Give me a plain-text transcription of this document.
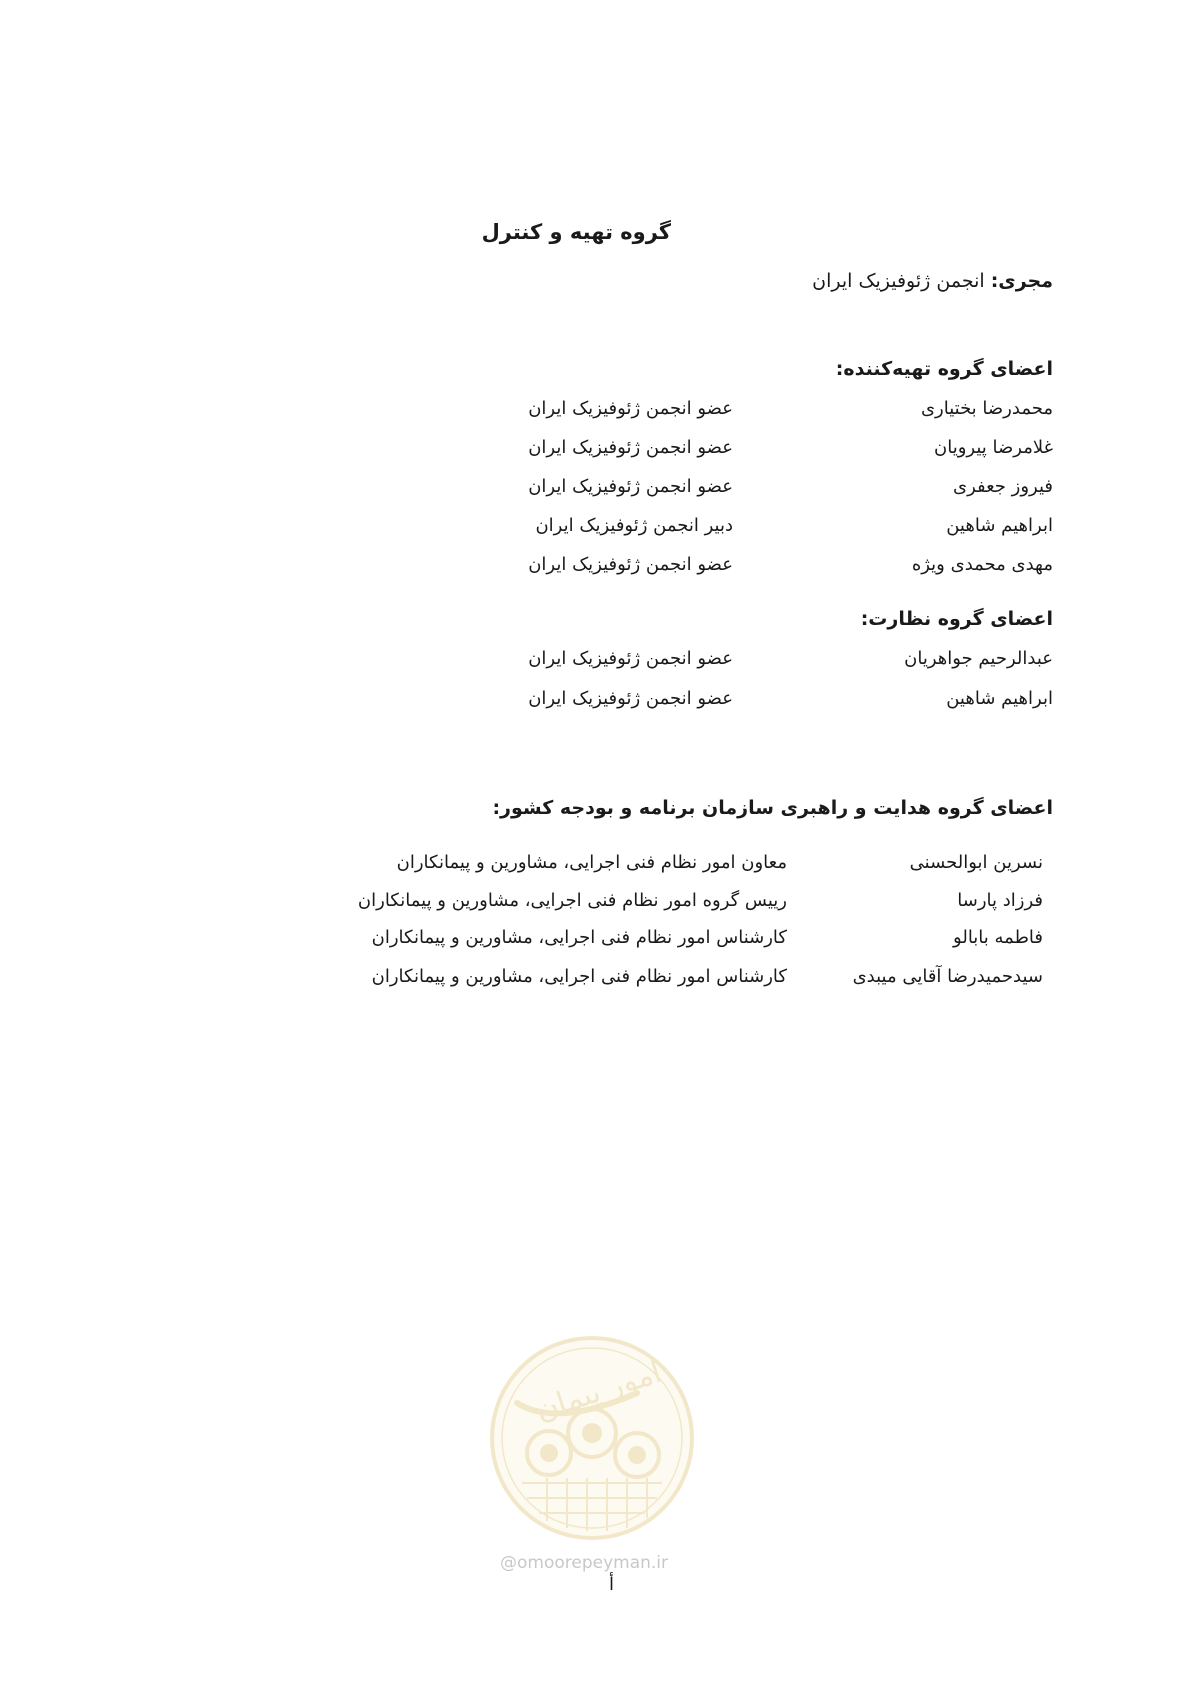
گروه تهیه و کنترل
مجری: انجمن ژئوفیزیک ایران
اعضای گروه تهیه‌کننده:
محمدرضا بختیاری
عضو انجمن ژئوفیزیک ایران
غلامرضا پیرویان
عضو انجمن ژئوفیزیک ایران
فیروز جعفری
عضو انجمن ژئوفیزیک ایران
ابراهیم شاهین
دبیر انجمن ژئوفیزیک ایران
مهدی محمدی ویژه
عضو انجمن ژئوفیزیک ایران
اعضای گروه نظارت:
عبدالرحیم جواهریان
عضو انجمن ژئوفیزیک ایران
ابراهیم شاهین
عضو انجمن ژئوفیزیک ایران
اعضای گروه هدایت و راهبری سازمان برنامه و بودجه کشور:
نسرین ابوالحسنی
معاون امور نظام فنی اجرایی، مشاورین و پیمانکاران
فرزاد پارسا
رییس گروه امور نظام فنی اجرایی، مشاورین و پیمانکاران
فاطمه بابالو
کارشناس امور نظام فنی اجرایی، مشاورین و پیمانکاران
سیدحمیدرضا آقایی میبدی
کارشناس امور نظام فنی اجرایی، مشاورین و پیمانکاران
امور پیمان
@omoorepeyman.ir
أ
